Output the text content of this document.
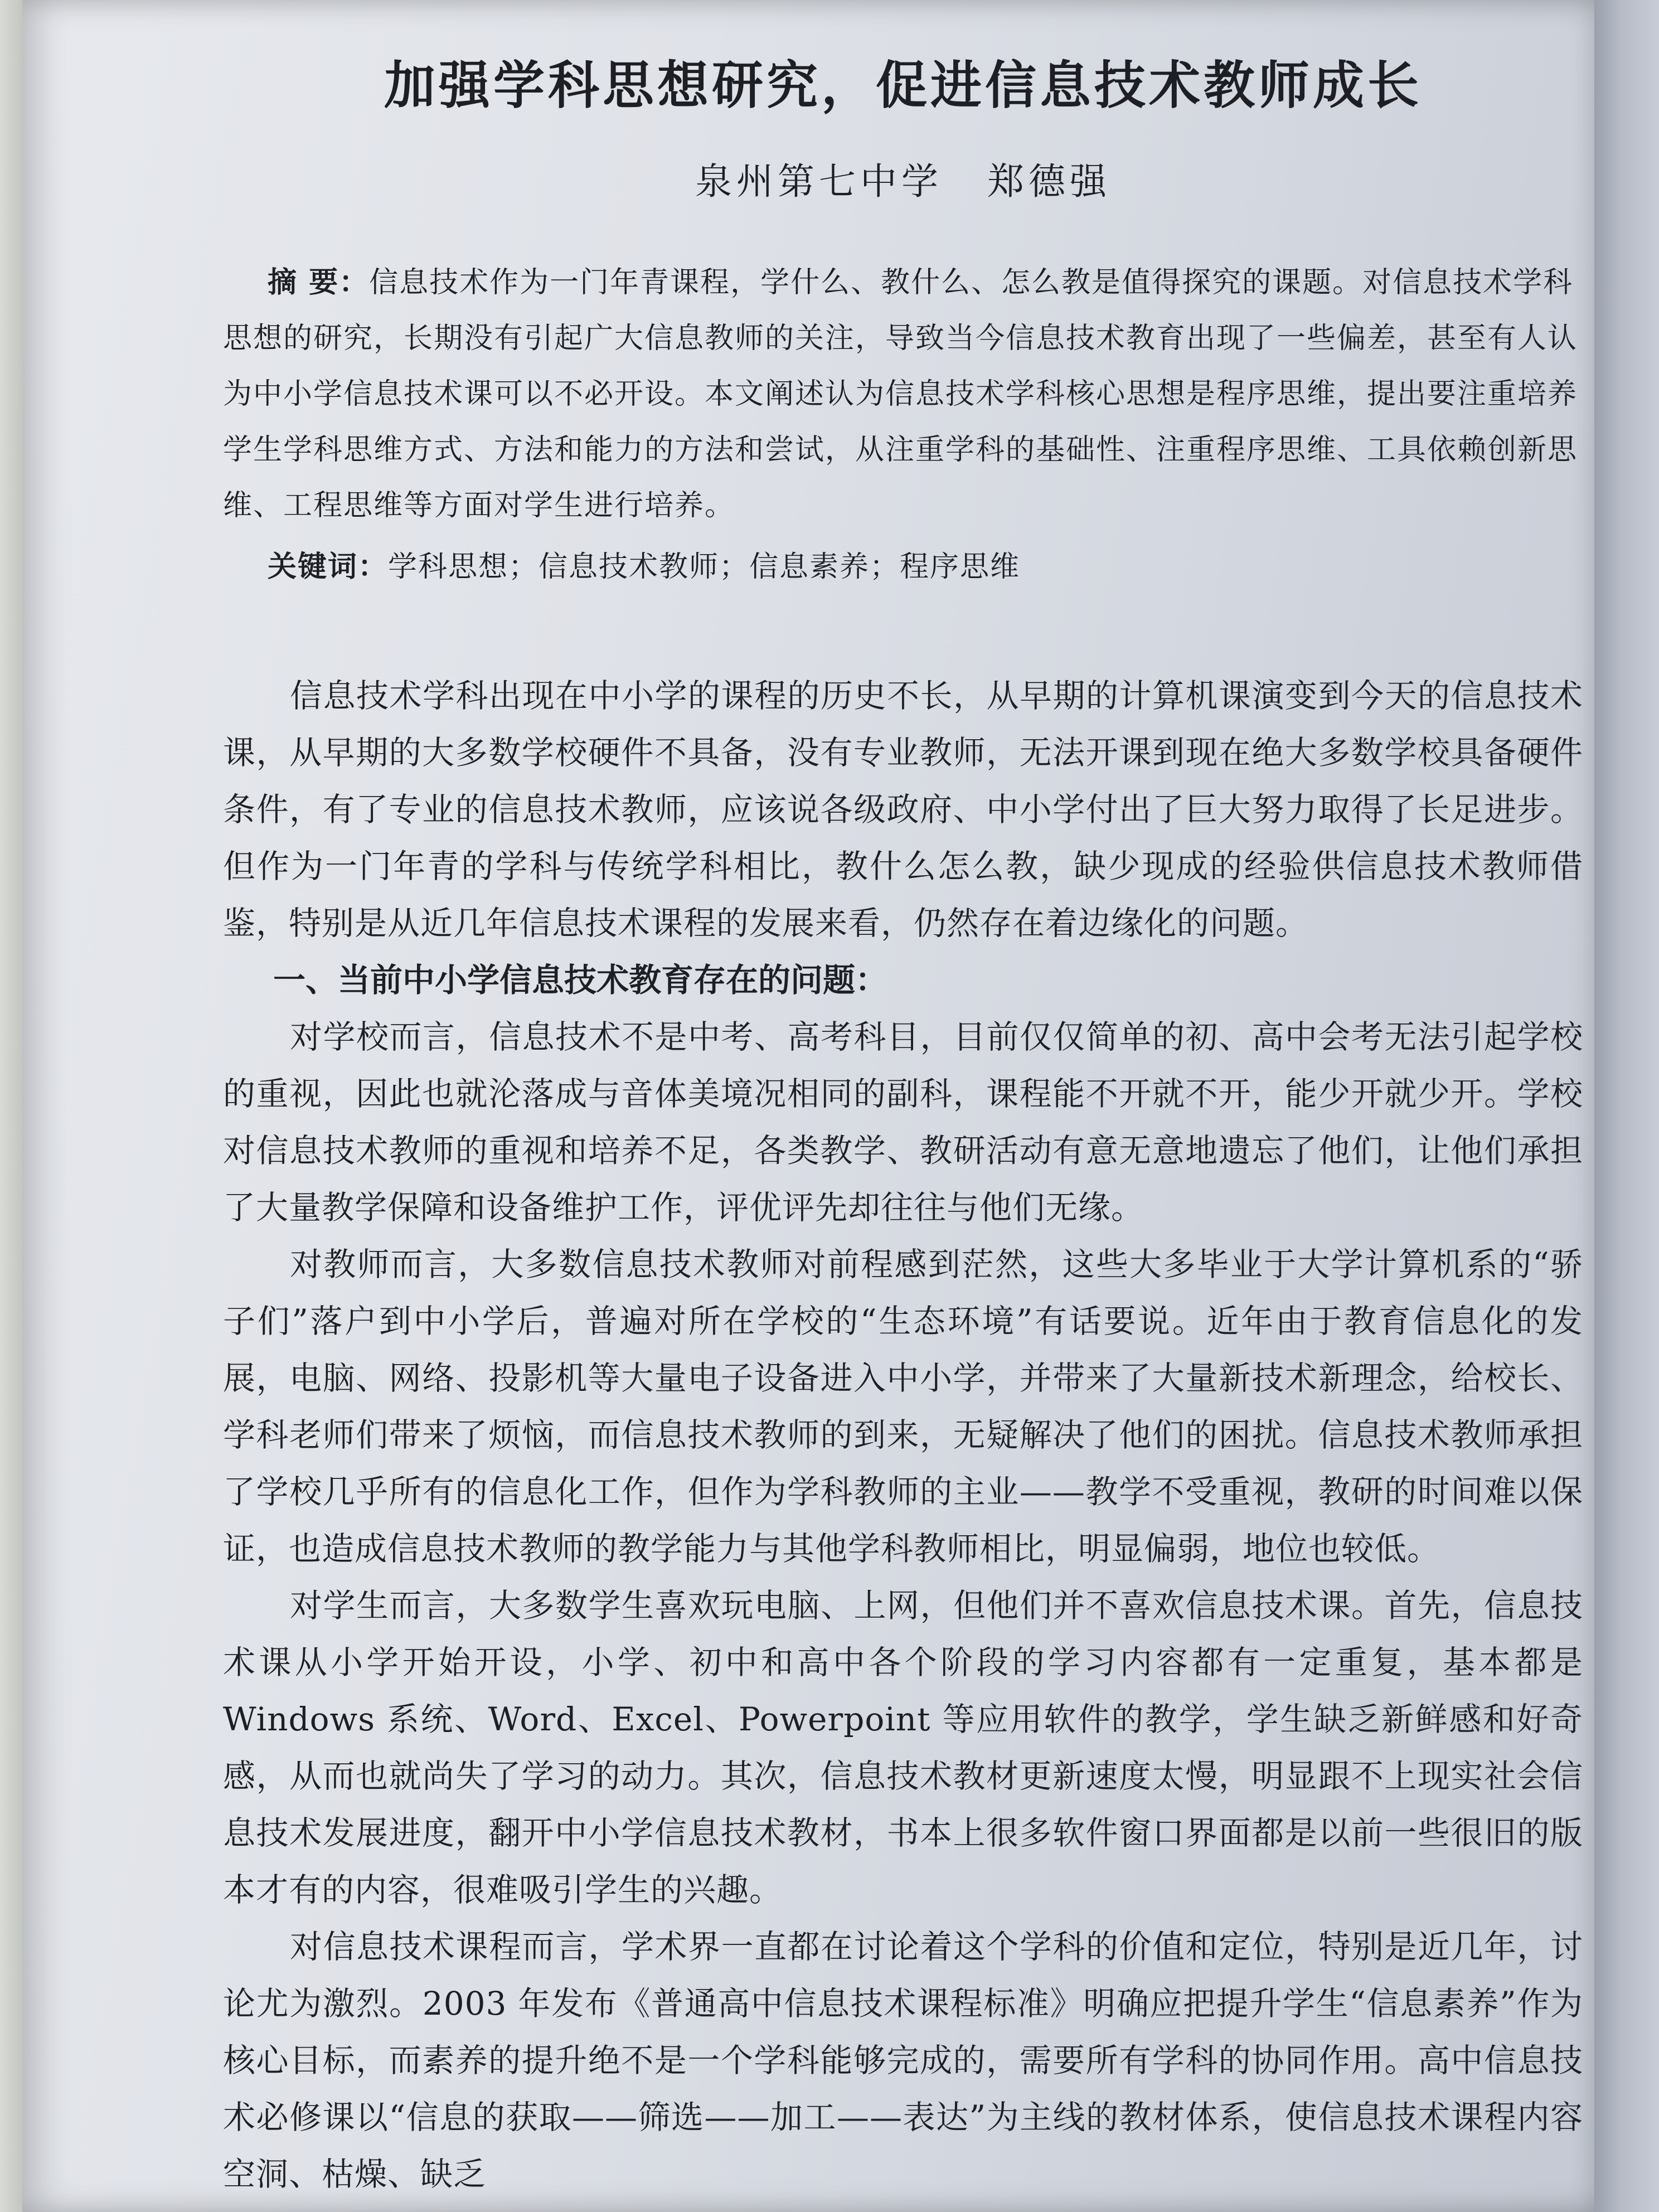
加强学科思想研究，促进信息技术教师成长
泉州第七中学 郑德强

摘 要：信息技术作为一门年青课程，学什么、教什么、怎么教是值得探究的课题。对信息技术学科思想的研究，长期没有引起广大信息教师的关注，导致当今信息技术教育出现了一些偏差，甚至有人认为中小学信息技术课可以不必开设。本文阐述认为信息技术学科核心思想是程序思维，提出要注重培养学生学科思维方式、方法和能力的方法和尝试，从注重学科的基础性、注重程序思维、工具依赖创新思维、工程思维等方面对学生进行培养。

关键词：学科思想；信息技术教师；信息素养；程序思维

信息技术学科出现在中小学的课程的历史不长，从早期的计算机课演变到今天的信息技术课，从早期的大多数学校硬件不具备，没有专业教师，无法开课到现在绝大多数学校具备硬件条件，有了专业的信息技术教师，应该说各级政府、中小学付出了巨大努力取得了长足进步。但作为一门年青的学科与传统学科相比，教什么怎么教，缺少现成的经验供信息技术教师借鉴，特别是从近几年信息技术课程的发展来看，仍然存在着边缘化的问题。

一、当前中小学信息技术教育存在的问题：

对学校而言，信息技术不是中考、高考科目，目前仅仅简单的初、高中会考无法引起学校的重视，因此也就沦落成与音体美境况相同的副科，课程能不开就不开，能少开就少开。学校对信息技术教师的重视和培养不足，各类教学、教研活动有意无意地遗忘了他们，让他们承担了大量教学保障和设备维护工作，评优评先却往往与他们无缘。

对教师而言，大多数信息技术教师对前程感到茫然，这些大多毕业于大学计算机系的“骄子们”落户到中小学后，普遍对所在学校的“生态环境”有话要说。近年由于教育信息化的发展，电脑、网络、投影机等大量电子设备进入中小学，并带来了大量新技术新理念，给校长、学科老师们带来了烦恼，而信息技术教师的到来，无疑解决了他们的困扰。信息技术教师承担了学校几乎所有的信息化工作，但作为学科教师的主业——教学不受重视，教研的时间难以保证，也造成信息技术教师的教学能力与其他学科教师相比，明显偏弱，地位也较低。

对学生而言，大多数学生喜欢玩电脑、上网，但他们并不喜欢信息技术课。首先，信息技术课从小学开始开设，小学、初中和高中各个阶段的学习内容都有一定重复，基本都是 Windows 系统、Word、Excel、Powerpoint 等应用软件的教学，学生缺乏新鲜感和好奇感，从而也就尚失了学习的动力。其次，信息技术教材更新速度太慢，明显跟不上现实社会信息技术发展进度，翻开中小学信息技术教材，书本上很多软件窗口界面都是以前一些很旧的版本才有的内容，很难吸引学生的兴趣。

对信息技术课程而言，学术界一直都在讨论着这个学科的价值和定位，特别是近几年，讨论尤为激烈。2003 年发布《普通高中信息技术课程标准》明确应把提升学生“信息素养”作为核心目标，而素养的提升绝不是一个学科能够完成的，需要所有学科的协同作用。高中信息技术必修课以“信息的获取——筛选——加工——表达”为主线的教材体系，使信息技术课程内容空洞、枯燥、缺乏
